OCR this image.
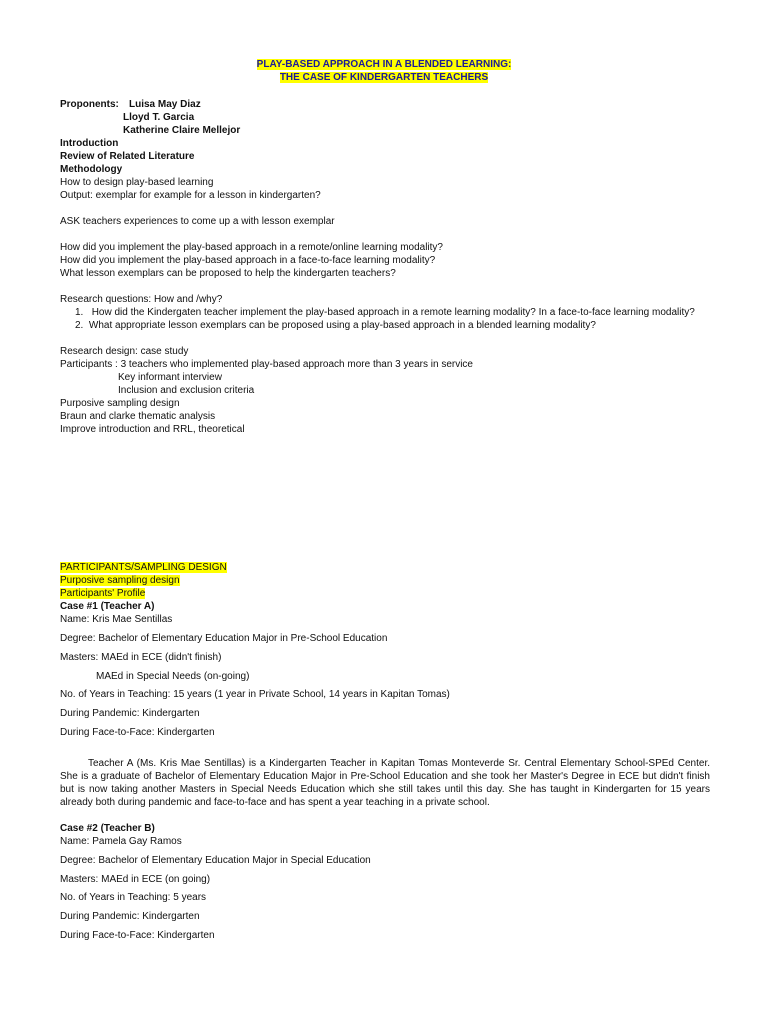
PLAY-BASED APPROACH IN A BLENDED LEARNING:
THE CASE OF KINDERGARTEN TEACHERS
Proponents: Luisa May Diaz
Lloyd T. Garcia
Katherine Claire Mellejor
Introduction
Review of Related Literature
Methodology
How to design play-based learning
Output: exemplar for example for a lesson in kindergarten?
ASK teachers experiences to come up a with lesson exemplar
How did you implement the play-based approach in a remote/online learning modality?
How did you implement the play-based approach in a face-to-face learning modality?
What lesson exemplars can be proposed to help the kindergarten teachers?
Research questions: How and /why?
1.   How did the Kindergaten teacher implement the play-based approach in a remote learning modality? In a face-to-face learning modality?
2.  What appropriate lesson exemplars can be proposed using a play-based approach in a blended learning modality?
Research design: case study
Participants : 3 teachers who implemented play-based approach more than 3 years in service
Key informant interview
Inclusion and exclusion criteria
Purposive sampling design
Braun and clarke thematic analysis
Improve introduction and RRL, theoretical
PARTICIPANTS/SAMPLING DESIGN
Purposive sampling design
Participants' Profile
Case #1 (Teacher A)
Name: Kris Mae Sentillas
Degree: Bachelor of Elementary Education Major in Pre-School Education
Masters: MAEd in ECE (didn't finish)
MAEd in Special Needs (on-going)
No. of Years in Teaching: 15 years (1 year in Private School, 14 years in Kapitan Tomas)
During Pandemic: Kindergarten
During Face-to-Face: Kindergarten
Teacher A (Ms. Kris Mae Sentillas) is a Kindergarten Teacher in Kapitan Tomas Monteverde Sr. Central Elementary School-SPEd Center. She is a graduate of Bachelor of Elementary Education Major in Pre-School Education and she took her Master's Degree in ECE but didn't finish but is now taking another Masters in Special Needs Education which she still takes until this day. She has taught in Kindergarten for 15 years already both during pandemic and face-to-face and has spent a year teaching in a private school.
Case #2 (Teacher B)
Name: Pamela Gay Ramos
Degree: Bachelor of Elementary Education Major in Special Education
Masters: MAEd in ECE (on going)
No. of Years in Teaching: 5 years
During Pandemic: Kindergarten
During Face-to-Face: Kindergarten
